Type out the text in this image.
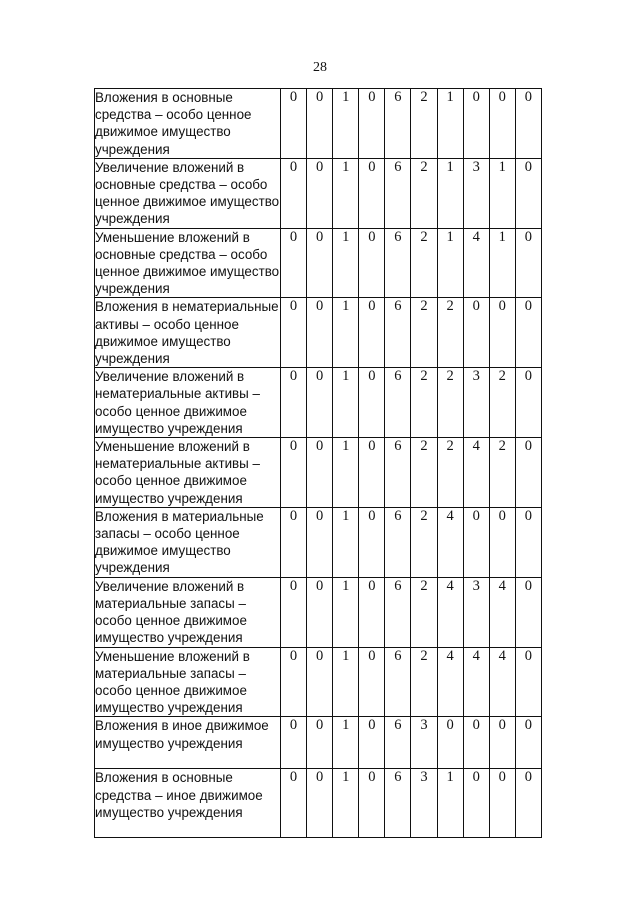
28
Вложения в основные средства – особо ценное движимое имущество учреждения	0	0	1	0	6	2	1	0	0	0
Увеличение вложений в основные средства – особо ценное движимое имущество учреждения	0	0	1	0	6	2	1	3	1	0
Уменьшение вложений в основные средства – особо ценное движимое имущество учреждения	0	0	1	0	6	2	1	4	1	0
Вложения в нематериальные активы – особо ценное движимое имущество учреждения	0	0	1	0	6	2	2	0	0	0
Увеличение вложений в нематериальные активы – особо ценное движимое имущество учреждения	0	0	1	0	6	2	2	3	2	0
Уменьшение вложений в нематериальные активы – особо ценное движимое имущество учреждения	0	0	1	0	6	2	2	4	2	0
Вложения в материальные запасы – особо ценное движимое имущество учреждения	0	0	1	0	6	2	4	0	0	0
Увеличение вложений в материальные запасы – особо ценное движимое имущество учреждения	0	0	1	0	6	2	4	3	4	0
Уменьшение вложений в материальные запасы – особо ценное движимое имущество учреждения	0	0	1	0	6	2	4	4	4	0
Вложения в иное движимое имущество учреждения	0	0	1	0	6	3	0	0	0	0
Вложения в основные средства – иное движимое имущество учреждения	0	0	1	0	6	3	1	0	0	0
